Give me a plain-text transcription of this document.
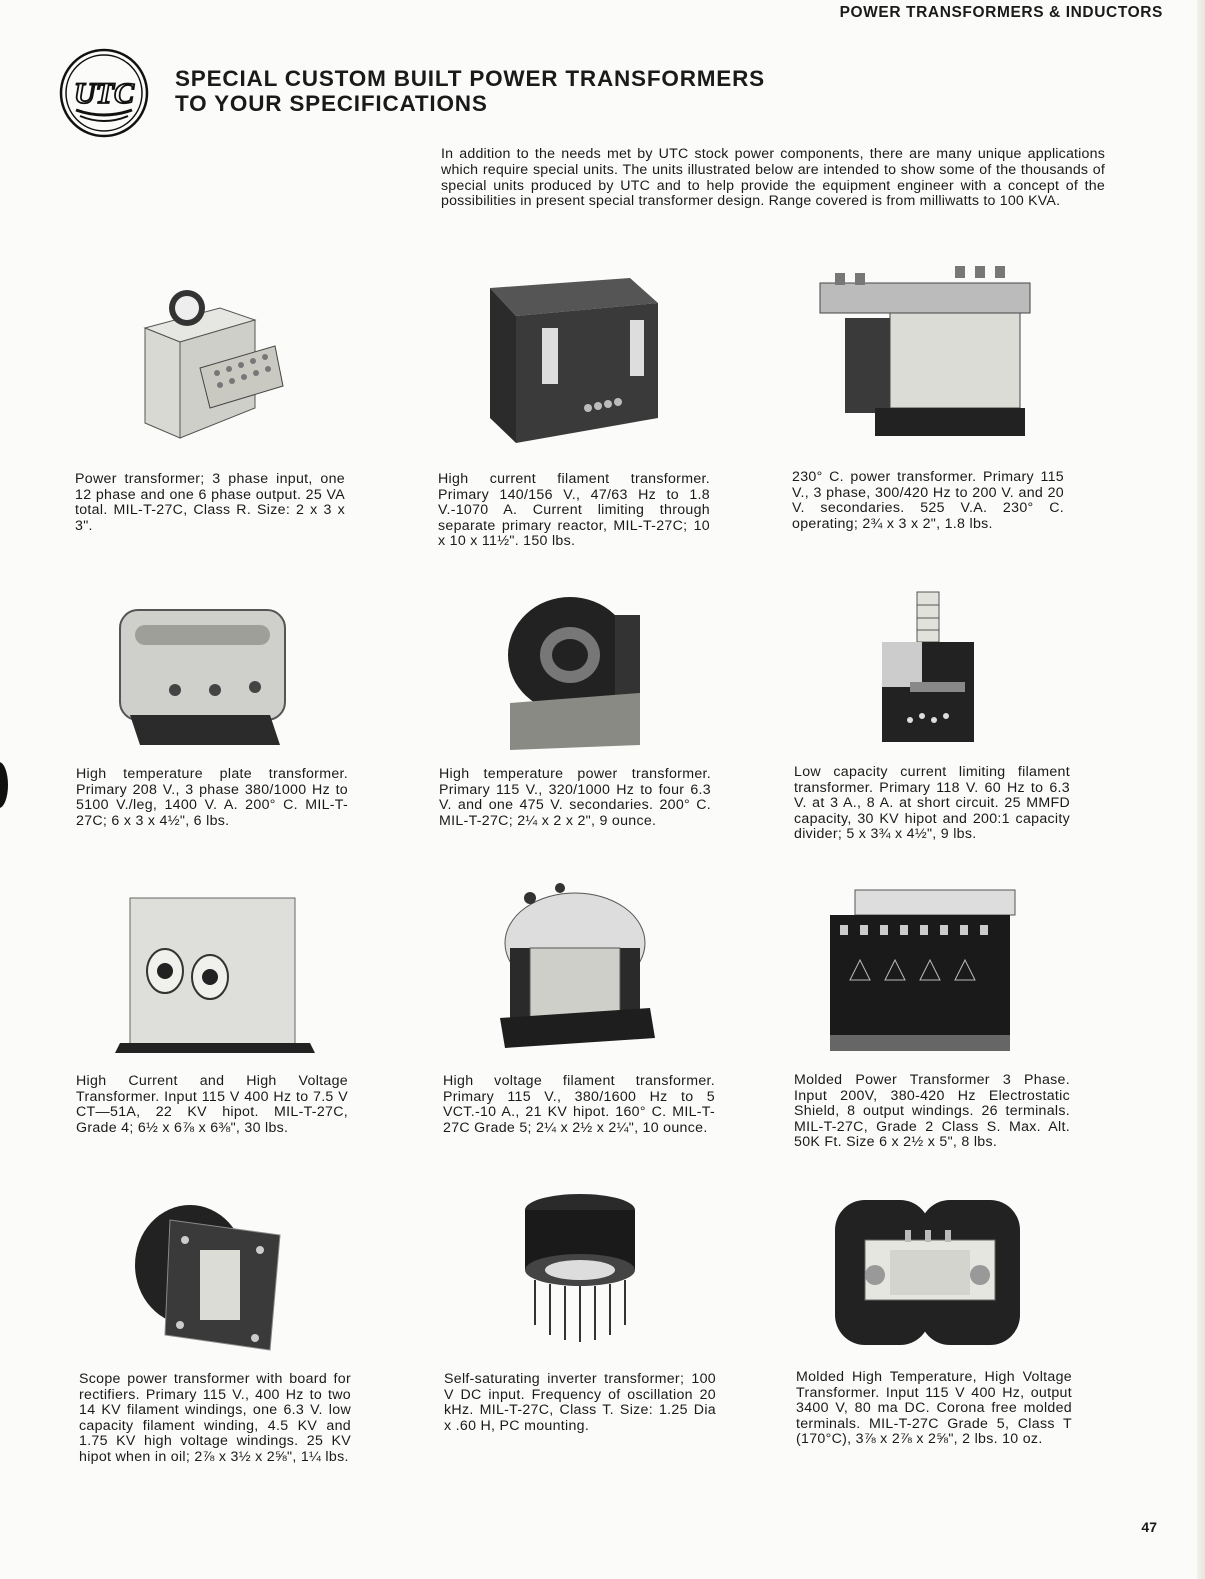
POWER TRANSFORMERS & INDUCTORS
UTC SPECIAL CUSTOM BUILT POWER TRANSFORMERS
TO YOUR SPECIFICATIONS

In addition to the needs met by UTC stock power components, there are many unique applications which require special units. The units illustrated below are intended to show some of the thousands of special units produced by UTC and to help provide the equipment engineer with a concept of the possibilities in present special transformer design. Range covered is from milliwatts to 100 KVA.

Power transformer; 3 phase input, one 12 phase and one 6 phase output. 25 VA total. MIL-T-27C, Class R. Size: 2 x 3 x 3".

High current filament transformer. Primary 140/156 V., 47/63 Hz to 1.8 V.-1070 A. Current limiting through separate primary reactor, MIL-T-27C; 10 x 10 x 11½". 150 lbs.

230° C. power transformer. Primary 115 V., 3 phase, 300/420 Hz to 200 V. and 20 V. secondaries. 525 V.A. 230° C. operating; 2¾ x 3 x 2", 1.8 lbs.

High temperature plate transformer. Primary 208 V., 3 phase 380/1000 Hz to 5100 V./leg, 1400 V. A. 200° C. MIL-T-27C; 6 x 3 x 4½", 6 lbs.

High temperature power transformer. Primary 115 V., 320/1000 Hz to four 6.3 V. and one 475 V. secondaries. 200° C. MIL-T-27C; 2¼ x 2 x 2", 9 ounce.

Low capacity current limiting filament transformer. Primary 118 V. 60 Hz to 6.3 V. at 3 A., 8 A. at short circuit. 25 MMFD capacity, 30 KV hipot and 200:1 capacity divider; 5 x 3¾ x 4½", 9 lbs.

High Current and High Voltage Transformer. Input 115 V 400 Hz to 7.5 V CT—51A, 22 KV hipot. MIL-T-27C, Grade 4; 6½ x 6⅞ x 6⅜", 30 lbs.

High voltage filament transformer. Primary 115 V., 380/1600 Hz to 5 VCT.-10 A., 21 KV hipot. 160° C. MIL-T-27C Grade 5; 2¼ x 2½ x 2¼", 10 ounce.

Molded Power Transformer 3 Phase. Input 200V, 380-420 Hz Electrostatic Shield, 8 output windings. 26 terminals. MIL-T-27C, Grade 2 Class S. Max. Alt. 50K Ft. Size 6 x 2½ x 5", 8 lbs.

Scope power transformer with board for rectifiers. Primary 115 V., 400 Hz to two 14 KV filament windings, one 6.3 V. low capacity filament winding, 4.5 KV and 1.75 KV high voltage windings. 25 KV hipot when in oil; 2⅞ x 3½ x 2⅝", 1¼ lbs.

Self-saturating inverter transformer; 100 V DC input. Frequency of oscillation 20 kHz. MIL-T-27C, Class T. Size: 1.25 Dia x .60 H, PC mounting.

Molded High Temperature, High Voltage Transformer. Input 115 V 400 Hz, output 3400 V, 80 ma DC. Corona free molded terminals. MIL-T-27C Grade 5, Class T (170°C), 3⅞ x 2⅞ x 2⅝", 2 lbs. 10 oz.

47
